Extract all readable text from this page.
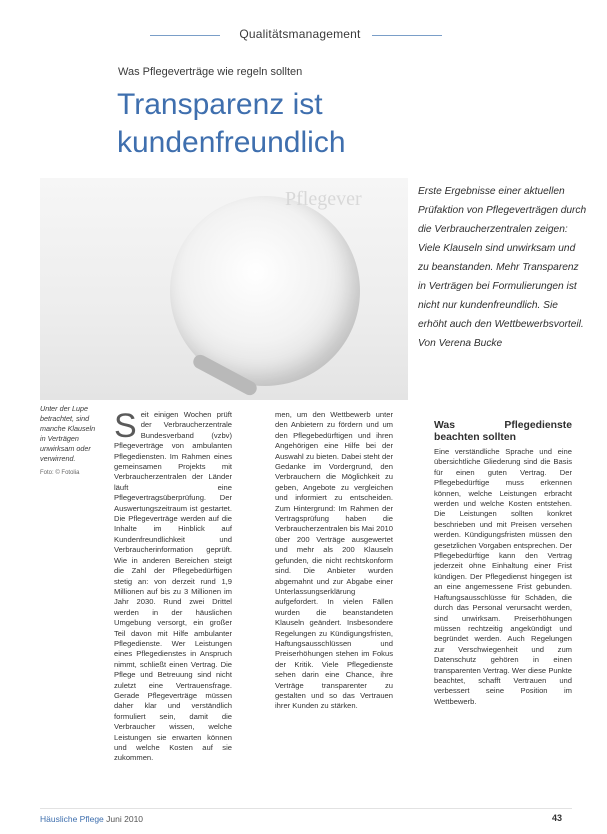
Qualitätsmanagement
Was Pflegeverträge wie regeln sollten
Transparenz ist
kundenfreundlich
Pflegever	Erste Ergebnisse einer aktuellen Prüfaktion von Pflegeverträgen durch die Verbraucherzentralen zeigen: Viele Klauseln sind unwirksam und zu beanstanden. Mehr Transparenz in Verträgen bei Formulierungen ist nicht nur kundenfreundlich. Sie erhöht auch den Wettbewerbsvorteil.
Von Verena Bucke
Unter der Lupe betrachtet, sind manche Klauseln in Verträgen unwirksam oder verwirrend.
Foto: © Fotolia
S eit einigen Wochen prüft der Verbraucherzentrale Bundesverband (vzbv) Pflegeverträge von ambulanten Pflegediensten. Im Rahmen eines gemeinsamen Projekts mit Verbraucherzentralen der Länder läuft eine Pflegevertragsüberprüfung. Der Auswertungszeitraum ist gestartet. Die Pflegeverträge werden auf die Inhalte im Hinblick auf Kundenfreundlichkeit und Verbraucherinformation geprüft. Wie in anderen Bereichen steigt die Zahl der Pflegebedürftigen stetig an: von derzeit rund 1,9 Millionen auf bis zu 3 Millionen im Jahr 2030. Rund zwei Drittel werden in der häuslichen Umgebung versorgt, ein großer Teil davon mit Hilfe ambulanter Pflegedienste. Wer Leistungen eines Pflegedienstes in Anspruch nimmt, schließt einen Vertrag. Die Pflege und Betreuung sind nicht zuletzt eine Vertrauensfrage. Gerade Pflegeverträge müssen daher klar und verständlich formuliert sein, damit die Verbraucher wissen, welche Leistungen sie erwarten können und welche Kosten auf sie zukommen.

men, um den Wettbewerb unter den Anbietern zu fördern und um den Pflegebedürftigen und ihren Angehörigen eine Hilfe bei der Auswahl zu bieten. Dabei steht der Gedanke im Vordergrund, den Verbrauchern die Möglichkeit zu geben, Angebote zu vergleichen und informiert zu entscheiden. Zum Hintergrund: Im Rahmen der Vertragsprüfung haben die Verbraucherzentralen bis Mai 2010 über 200 Verträge ausgewertet und mehr als 200 Klauseln gefunden, die nicht rechtskonform sind. Die Anbieter wurden abgemahnt und zur Abgabe einer Unterlassungserklärung aufgefordert. In vielen Fällen wurden die beanstandeten Klauseln geändert. Insbesondere Regelungen zu Kündigungsfristen, Haftungsausschlüssen und Preiserhöhungen stehen im Fokus der Kritik. Viele Pflegedienste sehen darin eine Chance, ihre Verträge transparenter zu gestalten und so das Vertrauen ihrer Kunden zu stärken.

Was Pflegedienste beachten sollten

Eine verständliche Sprache und eine übersichtliche Gliederung sind die Basis für einen guten Vertrag. Der Pflegebedürftige muss erkennen können, welche Leistungen erbracht werden und welche Kosten entstehen. Die Leistungen sollten konkret beschrieben und mit Preisen versehen werden. Kündigungsfristen müssen den gesetzlichen Vorgaben entsprechen. Der Pflegebedürftige kann den Vertrag jederzeit ohne Einhaltung einer Frist kündigen. Der Pflegedienst hingegen ist an eine angemessene Frist gebunden. Haftungsausschlüsse für Schäden, die durch das Personal verursacht werden, sind unwirksam. Preiserhöhungen müssen rechtzeitig angekündigt und begründet werden. Auch Regelungen zur Verschwiegenheit und zum Datenschutz gehören in einen transparenten Vertrag. Wer diese Punkte beachtet, schafft Vertrauen und verbessert seine Position im Wettbewerb.

Häusliche Pflege Juni 2010	43
